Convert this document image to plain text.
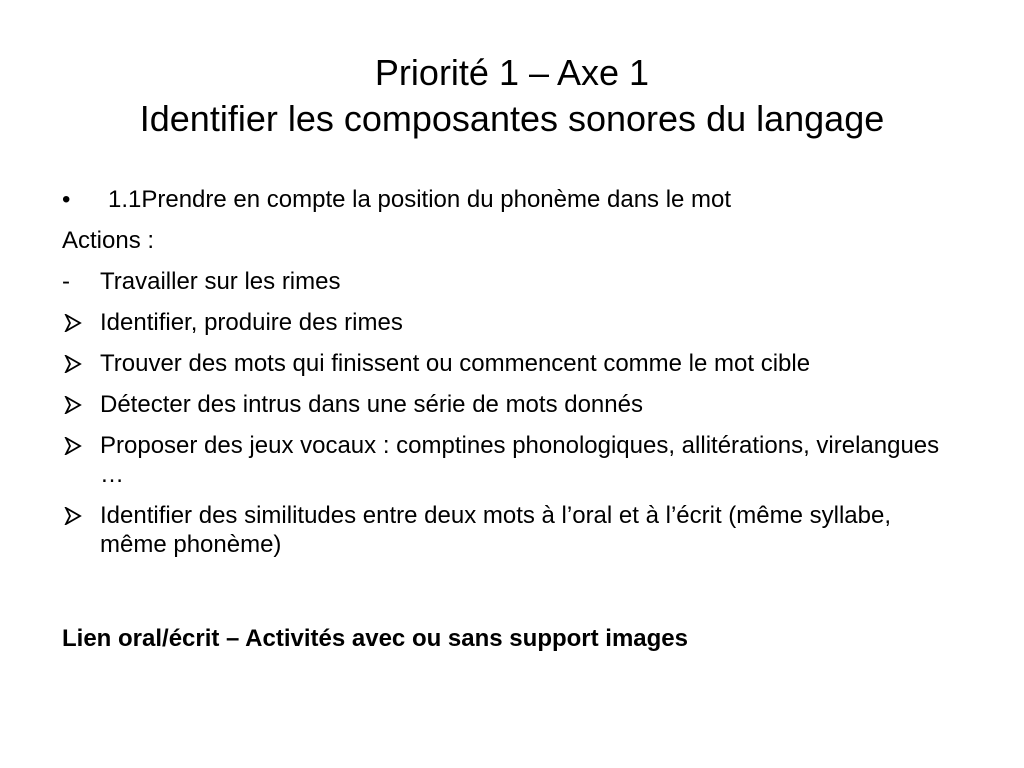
Priorité 1 – Axe 1
Identifier les composantes sonores du langage
•	1.1Prendre en compte la position du phonème dans le mot
Actions :
-	Travailler sur les rimes
Identifier, produire des rimes
Trouver des mots qui finissent ou commencent comme le mot cible
Détecter des intrus dans une série de mots donnés
Proposer des jeux vocaux : comptines phonologiques, allitérations, virelangues …
Identifier des similitudes entre deux mots à l’oral et à l’écrit (même syllabe, même phonème)
Lien oral/écrit – Activités avec ou sans support images
